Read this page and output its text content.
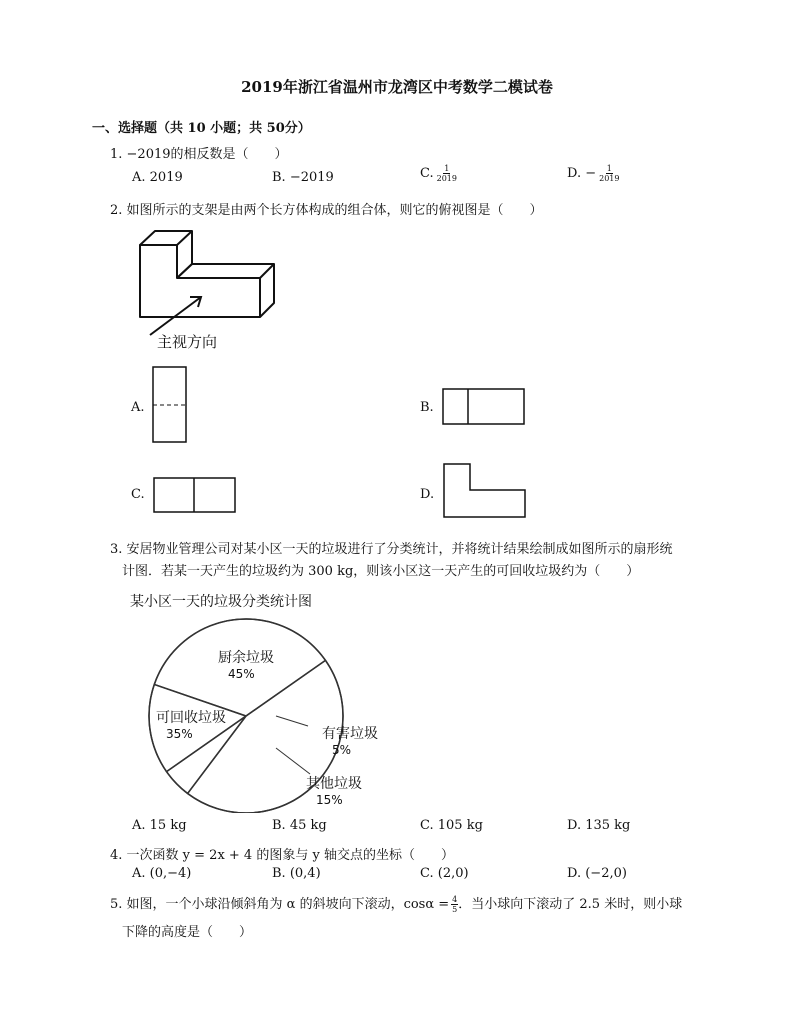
2019年浙江省温州市龙湾区中考数学二模试卷
一、选择题（共 10 小题；共 50分）
1. −2019的相反数是（　　）
A. 2019	B. −2019	C. $\frac{1}{2019}$	D. − $\frac{1}{2019}$
2. 如图所示的支架是由两个长方体构成的组合体，则它的俯视图是（　　）
主视方向
A.	B.
C.	D.
3. 安居物业管理公司对某小区一天的垃圾进行了分类统计，并将统计结果绘制成如图所示的扇形统
计图．若某一天产生的垃圾约为 300 kg，则该小区这一天产生的可回收垃圾约为（　　）
某小区一天的垃圾分类统计图
厨余垃圾
45%
有害垃圾
5%
其他垃圾
15%
可回收垃圾
35%
A. 15 kg	B. 45 kg	C. 105 kg	D. 135 kg
4. 一次函数 y = 2x + 4 的图象与 y 轴交点的坐标（　　）
A. (0,−4)	B. (0,4)	C. (2,0)	D. (−2,0)
5. 如图，一个小球沿倾斜角为 α 的斜坡向下滚动，$\cos\alpha = \frac{4}{5}$ ．当小球向下滚动了 2.5 米时，则小球
下降的高度是（　　）
